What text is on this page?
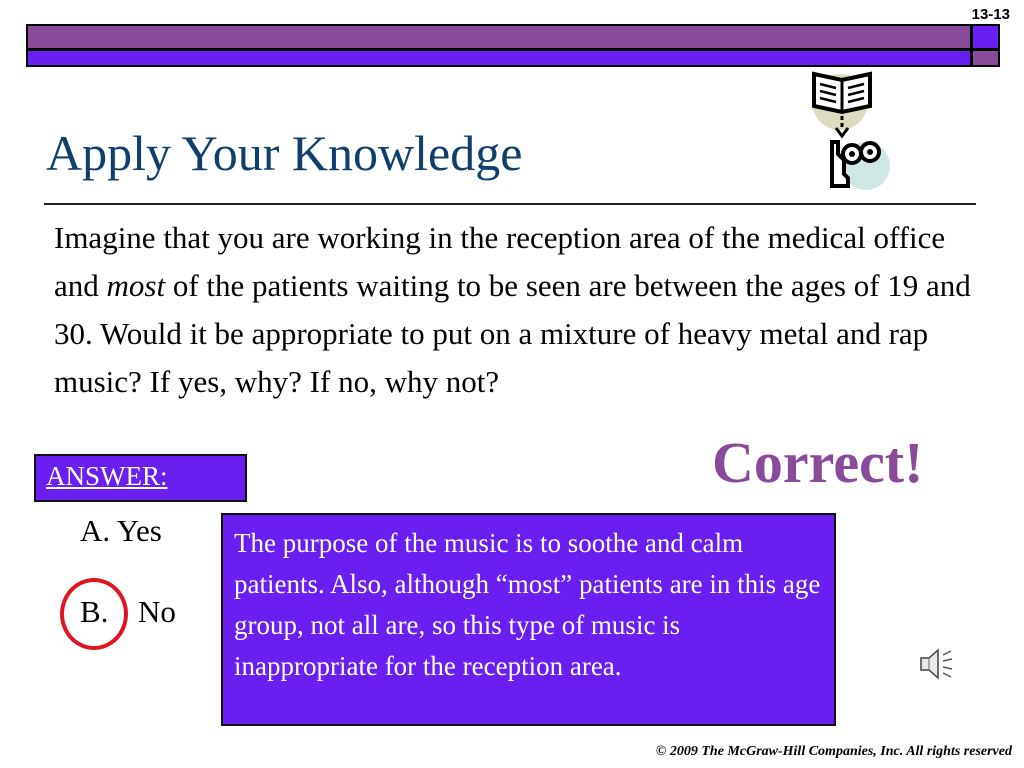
13-13
Apply Your Knowledge
Imagine that you are working in the reception area of the medical office and most of the patients waiting to be seen are between the ages of 19 and 30. Would it be appropriate to put on a mixture of heavy metal and rap music? If yes, why? If no, why not?
Correct!
ANSWER:
A. Yes
B. No
The purpose of the music is to soothe and calm patients. Also, although “most” patients are in this age group, not all are, so this type of music is inappropriate for the reception area.
© 2009 The McGraw-Hill Companies, Inc. All rights reserved
